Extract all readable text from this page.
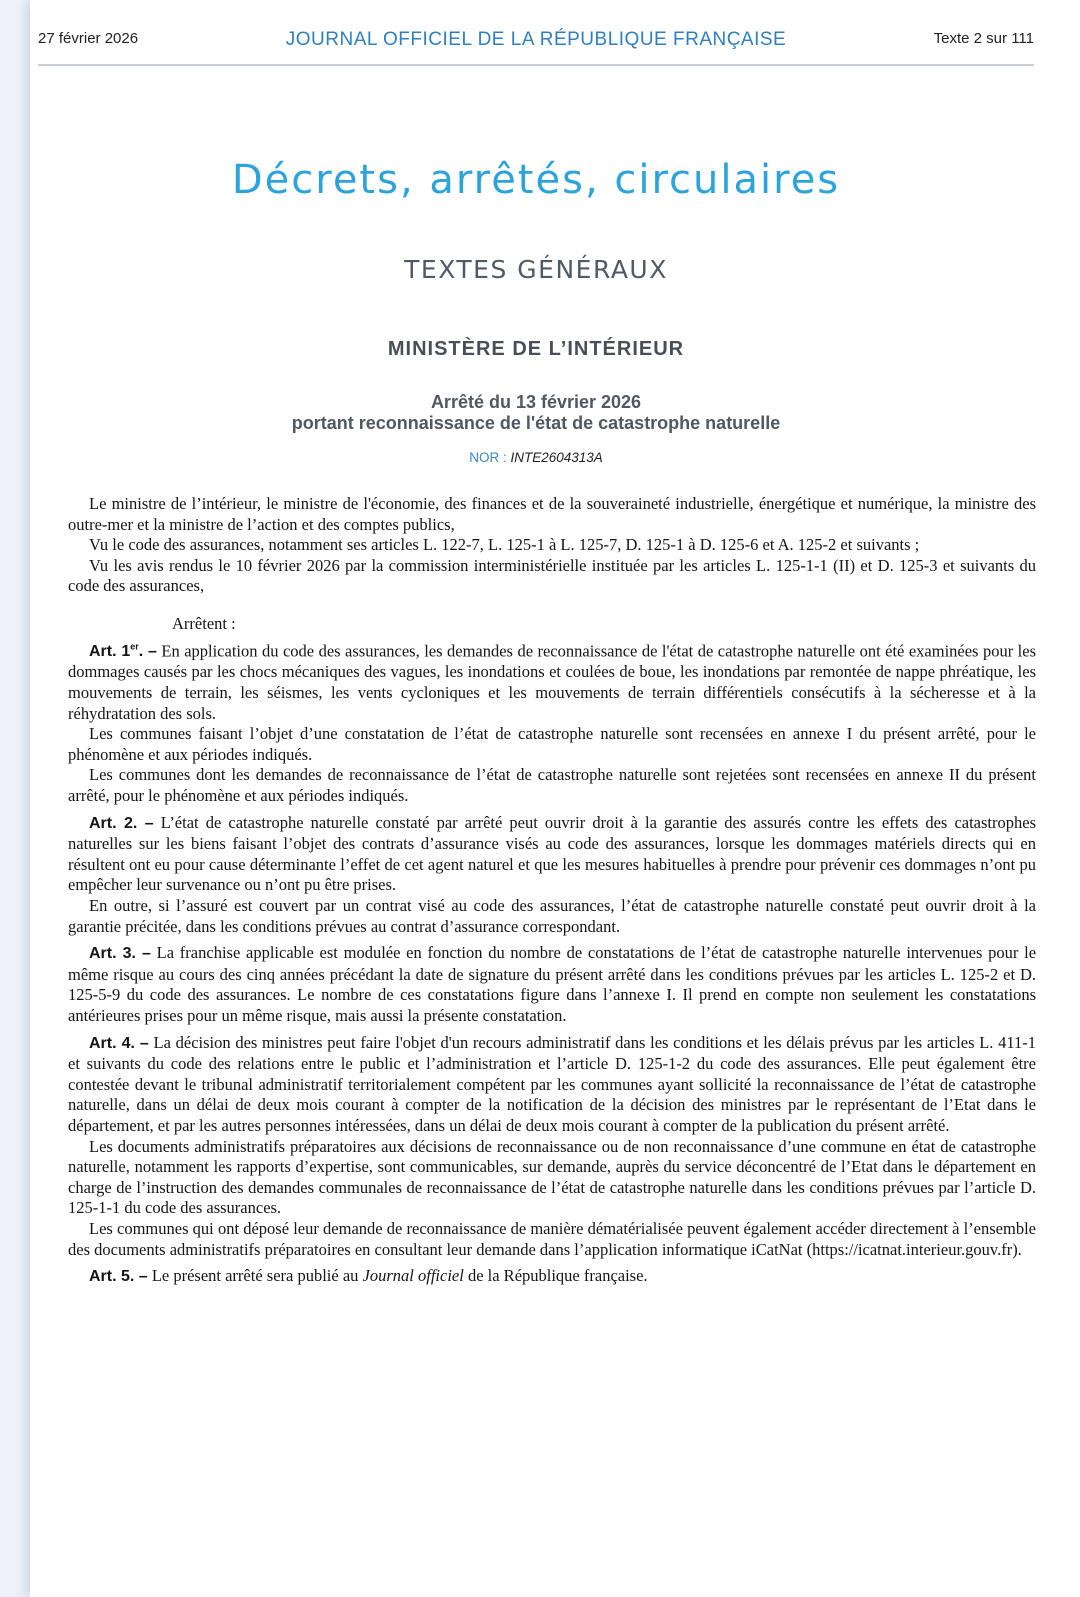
27 février 2026	JOURNAL OFFICIEL DE LA RÉPUBLIQUE FRANÇAISE	Texte 2 sur 111
Décrets, arrêtés, circulaires
TEXTES GÉNÉRAUX
MINISTÈRE DE L’INTÉRIEUR
Arrêté du 13 février 2026
portant reconnaissance de l'état de catastrophe naturelle
NOR : INTE2604313A

Le ministre de l’intérieur, le ministre de l'économie, des finances et de la souveraineté industrielle, énergétique et numérique, la ministre des outre-mer et la ministre de l’action et des comptes publics,

Vu le code des assurances, notamment ses articles L. 122-7, L. 125-1 à L. 125-7, D. 125-1 à D. 125-6 et A. 125-2 et suivants ;

Vu les avis rendus le 10 février 2026 par la commission interministérielle instituée par les articles L. 125-1-1 (II) et D. 125-3 et suivants du code des assurances,

Arrêtent :

Art. 1er. – En application du code des assurances, les demandes de reconnaissance de l'état de catastrophe naturelle ont été examinées pour les dommages causés par les chocs mécaniques des vagues, les inondations et coulées de boue, les inondations par remontée de nappe phréatique, les mouvements de terrain, les séismes, les vents cycloniques et les mouvements de terrain différentiels consécutifs à la sécheresse et à la réhydratation des sols.

Les communes faisant l’objet d’une constatation de l’état de catastrophe naturelle sont recensées en annexe I du présent arrêté, pour le phénomène et aux périodes indiqués.

Les communes dont les demandes de reconnaissance de l’état de catastrophe naturelle sont rejetées sont recensées en annexe II du présent arrêté, pour le phénomène et aux périodes indiqués.

Art. 2. – L’état de catastrophe naturelle constaté par arrêté peut ouvrir droit à la garantie des assurés contre les effets des catastrophes naturelles sur les biens faisant l’objet des contrats d’assurance visés au code des assurances, lorsque les dommages matériels directs qui en résultent ont eu pour cause déterminante l’effet de cet agent naturel et que les mesures habituelles à prendre pour prévenir ces dommages n’ont pu empêcher leur survenance ou n’ont pu être prises.

En outre, si l’assuré est couvert par un contrat visé au code des assurances, l’état de catastrophe naturelle constaté peut ouvrir droit à la garantie précitée, dans les conditions prévues au contrat d’assurance correspondant.

Art. 3. – La franchise applicable est modulée en fonction du nombre de constatations de l’état de catastrophe naturelle intervenues pour le même risque au cours des cinq années précédant la date de signature du présent arrêté dans les conditions prévues par les articles L. 125-2 et D. 125-5-9 du code des assurances. Le nombre de ces constatations figure dans l’annexe I. Il prend en compte non seulement les constatations antérieures prises pour un même risque, mais aussi la présente constatation.

Art. 4. – La décision des ministres peut faire l'objet d'un recours administratif dans les conditions et les délais prévus par les articles L. 411-1 et suivants du code des relations entre le public et l’administration et l’article D. 125-1-2 du code des assurances. Elle peut également être contestée devant le tribunal administratif territorialement compétent par les communes ayant sollicité la reconnaissance de l’état de catastrophe naturelle, dans un délai de deux mois courant à compter de la notification de la décision des ministres par le représentant de l’Etat dans le département, et par les autres personnes intéressées, dans un délai de deux mois courant à compter de la publication du présent arrêté.

Les documents administratifs préparatoires aux décisions de reconnaissance ou de non reconnaissance d’une commune en état de catastrophe naturelle, notamment les rapports d’expertise, sont communicables, sur demande, auprès du service déconcentré de l’Etat dans le département en charge de l’instruction des demandes communales de reconnaissance de l’état de catastrophe naturelle dans les conditions prévues par l’article D. 125-1-1 du code des assurances.

Les communes qui ont déposé leur demande de reconnaissance de manière dématérialisée peuvent également accéder directement à l’ensemble des documents administratifs préparatoires en consultant leur demande dans l’application informatique iCatNat (https://icatnat.interieur.gouv.fr).

Art. 5. – Le présent arrêté sera publié au Journal officiel de la République française.
